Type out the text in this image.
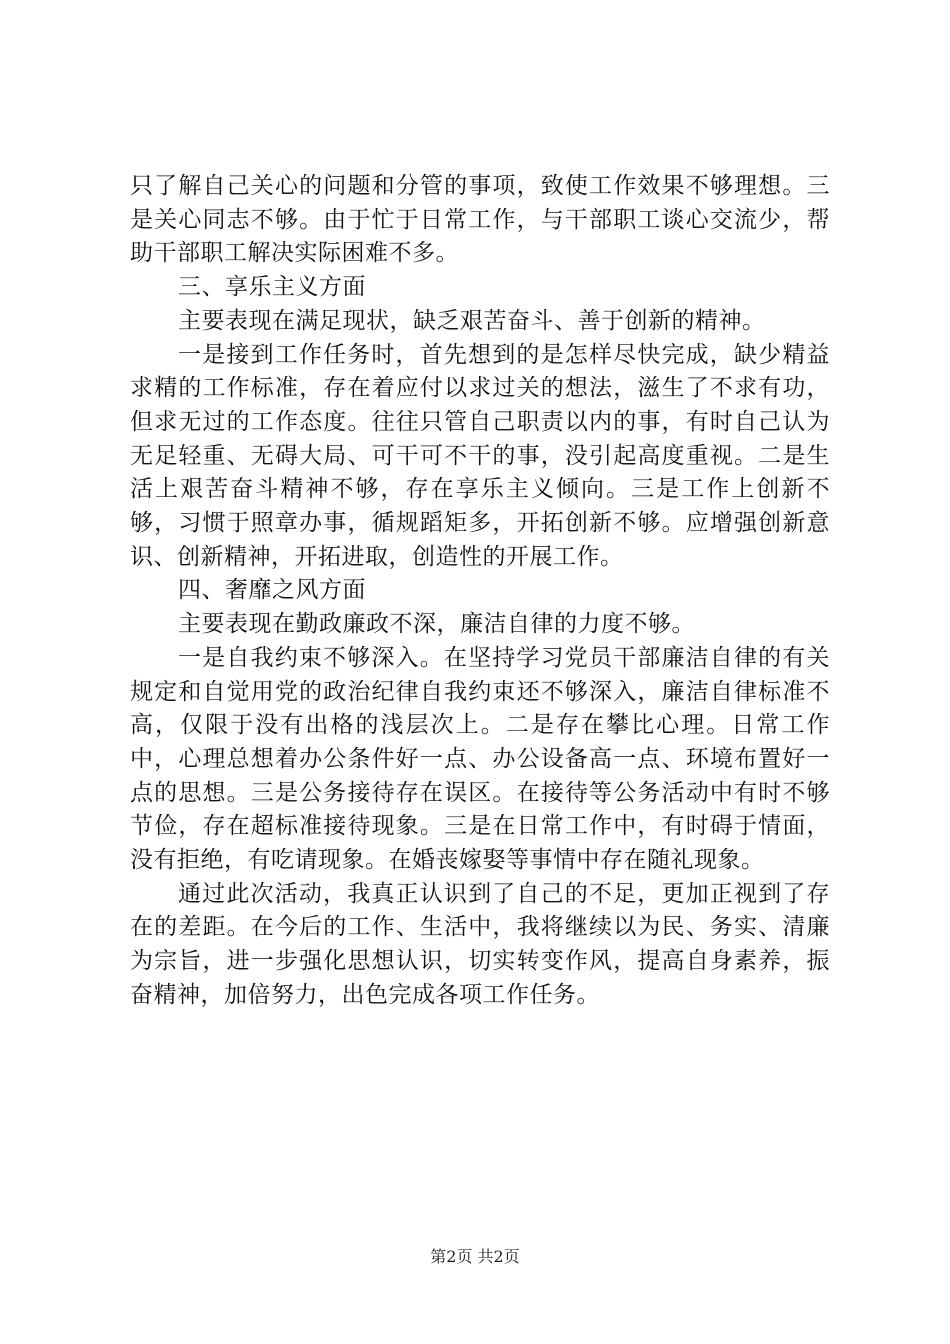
只了解自己关心的问题和分管的事项，致使工作效果不够理想。三是关心同志不够。由于忙于日常工作，与干部职工谈心交流少，帮助干部职工解决实际困难不多。

三、享乐主义方面

主要表现在满足现状，缺乏艰苦奋斗、善于创新的精神。

一是接到工作任务时，首先想到的是怎样尽快完成，缺少精益求精的工作标准，存在着应付以求过关的想法，滋生了不求有功，但求无过的工作态度。往往只管自己职责以内的事，有时自己认为无足轻重、无碍大局、可干可不干的事，没引起高度重视。二是生活上艰苦奋斗精神不够，存在享乐主义倾向。三是工作上创新不够，习惯于照章办事，循规蹈矩多，开拓创新不够。应增强创新意识、创新精神，开拓进取，创造性的开展工作。

四、奢靡之风方面

主要表现在勤政廉政不深，廉洁自律的力度不够。

一是自我约束不够深入。在坚持学习党员干部廉洁自律的有关规定和自觉用党的政治纪律自我约束还不够深入，廉洁自律标准不高，仅限于没有出格的浅层次上。二是存在攀比心理。日常工作中，心理总想着办公条件好一点、办公设备高一点、环境布置好一点的思想。三是公务接待存在误区。在接待等公务活动中有时不够节俭，存在超标准接待现象。三是在日常工作中，有时碍于情面，没有拒绝，有吃请现象。在婚丧嫁娶等事情中存在随礼现象。

通过此次活动，我真正认识到了自己的不足，更加正视到了存在的差距。在今后的工作、生活中，我将继续以为民、务实、清廉为宗旨，进一步强化思想认识，切实转变作风，提高自身素养，振奋精神，加倍努力，出色完成各项工作任务。

第2页 共2页
